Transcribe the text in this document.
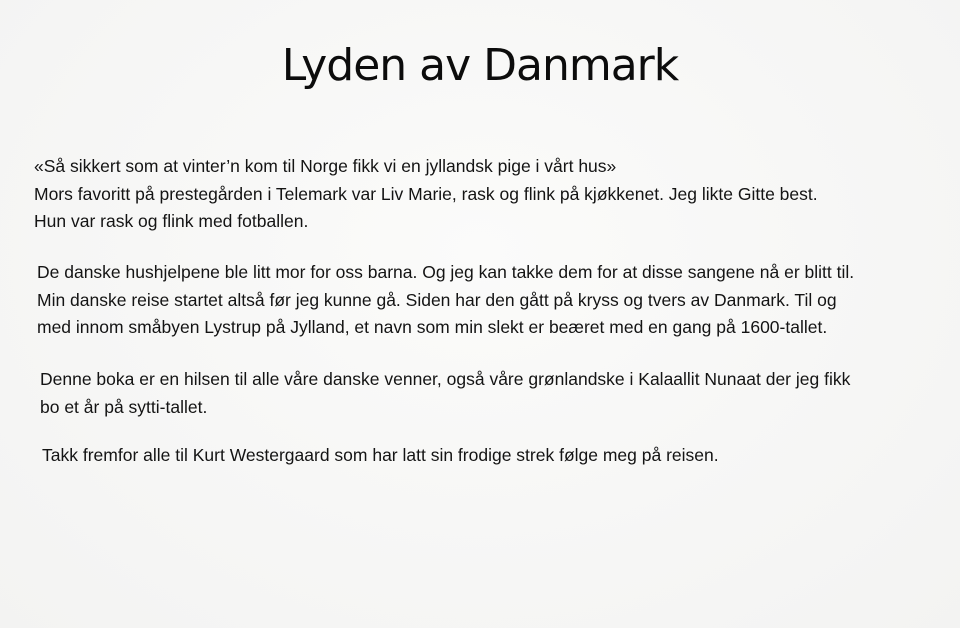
Lyden av Danmark
«Så sikkert som at vinter’n kom til Norge fikk vi en jyllandsk pige i vårt hus»
Mors favoritt på prestegården i Telemark var Liv Marie, rask og flink på kjøkkenet. Jeg likte Gitte best.
Hun var rask og flink med fotballen.
De danske hushjelpene ble litt mor for oss barna. Og jeg kan takke dem for at disse sangene nå er blitt til.
Min danske reise startet altså før jeg kunne gå. Siden har den gått på kryss og tvers av Danmark. Til og
med innom småbyen Lystrup på Jylland, et navn som min slekt er beæret med en gang på 1600-tallet.
Denne boka er en hilsen til alle våre danske venner, også våre grønlandske i Kalaallit Nunaat der jeg fikk
bo et år på sytti-tallet.
Takk fremfor alle til Kurt Westergaard som har latt sin frodige strek følge meg på reisen.
